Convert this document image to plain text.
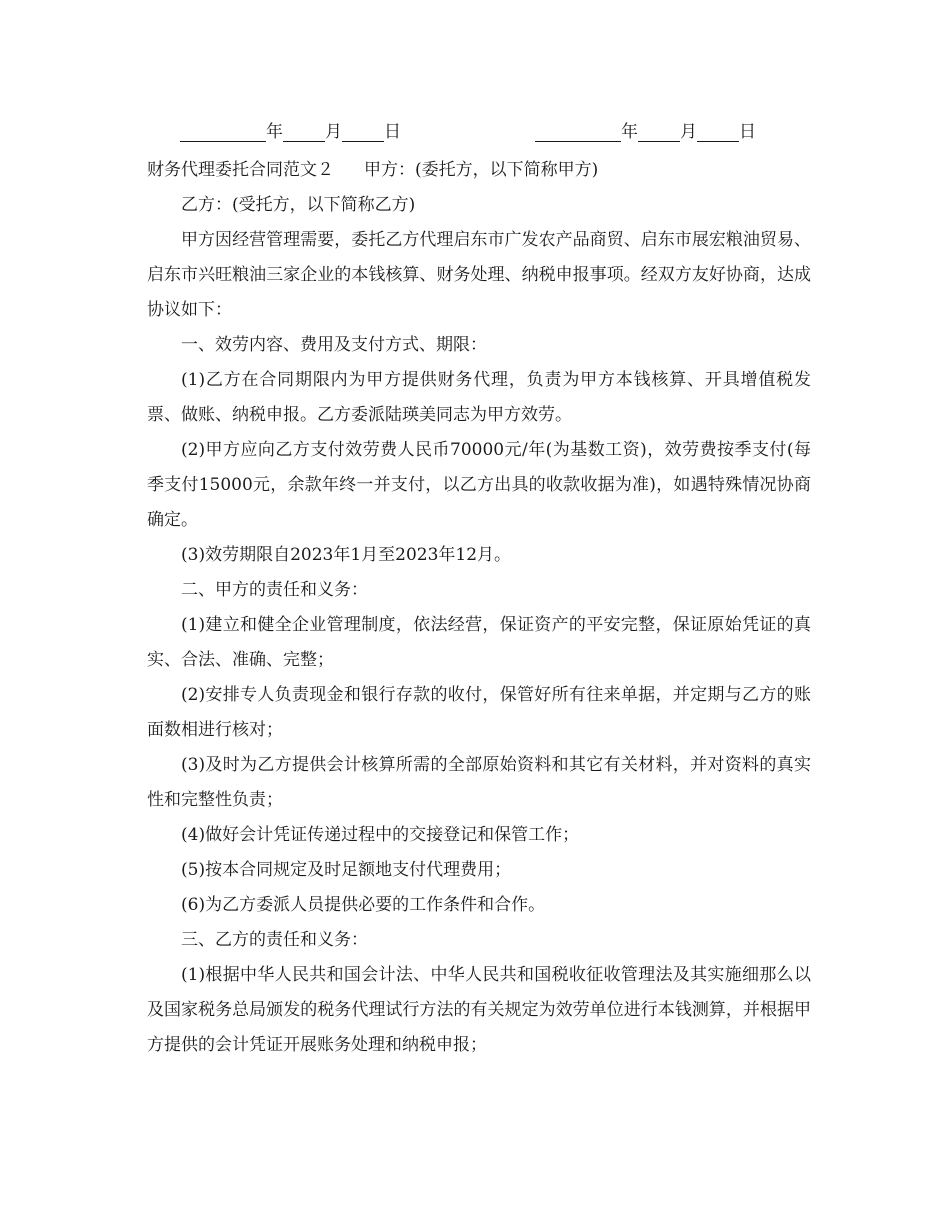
年 月 日	年 月 日
财务代理委托合同范文２ 甲方：(委托方，以下简称甲方)

乙方：(受托方，以下简称乙方)

甲方因经营管理需要，委托乙方代理启东市广发农产品商贸、启东市展宏粮油贸易、启东市兴旺粮油三家企业的本钱核算、财务处理、纳税申报事项。经双方友好协商，达成协议如下：

一、效劳内容、费用及支付方式、期限：

(1)乙方在合同期限内为甲方提供财务代理，负责为甲方本钱核算、开具增值税发票、做账、纳税申报。乙方委派陆瑛美同志为甲方效劳。

(2)甲方应向乙方支付效劳费人民币70000元/年(为基数工资)，效劳费按季支付(每季支付15000元，余款年终一并支付，以乙方出具的收款收据为准)，如遇特殊情况协商确定。

(3)效劳期限自2023年1月至2023年12月。

二、甲方的责任和义务：

(1)建立和健全企业管理制度，依法经营，保证资产的平安完整，保证原始凭证的真实、合法、准确、完整；

(2)安排专人负责现金和银行存款的收付，保管好所有往来单据，并定期与乙方的账面数相进行核对；

(3)及时为乙方提供会计核算所需的全部原始资料和其它有关材料，并对资料的真实性和完整性负责；

(4)做好会计凭证传递过程中的交接登记和保管工作；

(5)按本合同规定及时足额地支付代理费用；

(6)为乙方委派人员提供必要的工作条件和合作。

三、乙方的责任和义务：

(1)根据中华人民共和国会计法、中华人民共和国税收征收管理法及其实施细那么以及国家税务总局颁发的税务代理试行方法的有关规定为效劳单位进行本钱测算，并根据甲方提供的会计凭证开展账务处理和纳税申报；
